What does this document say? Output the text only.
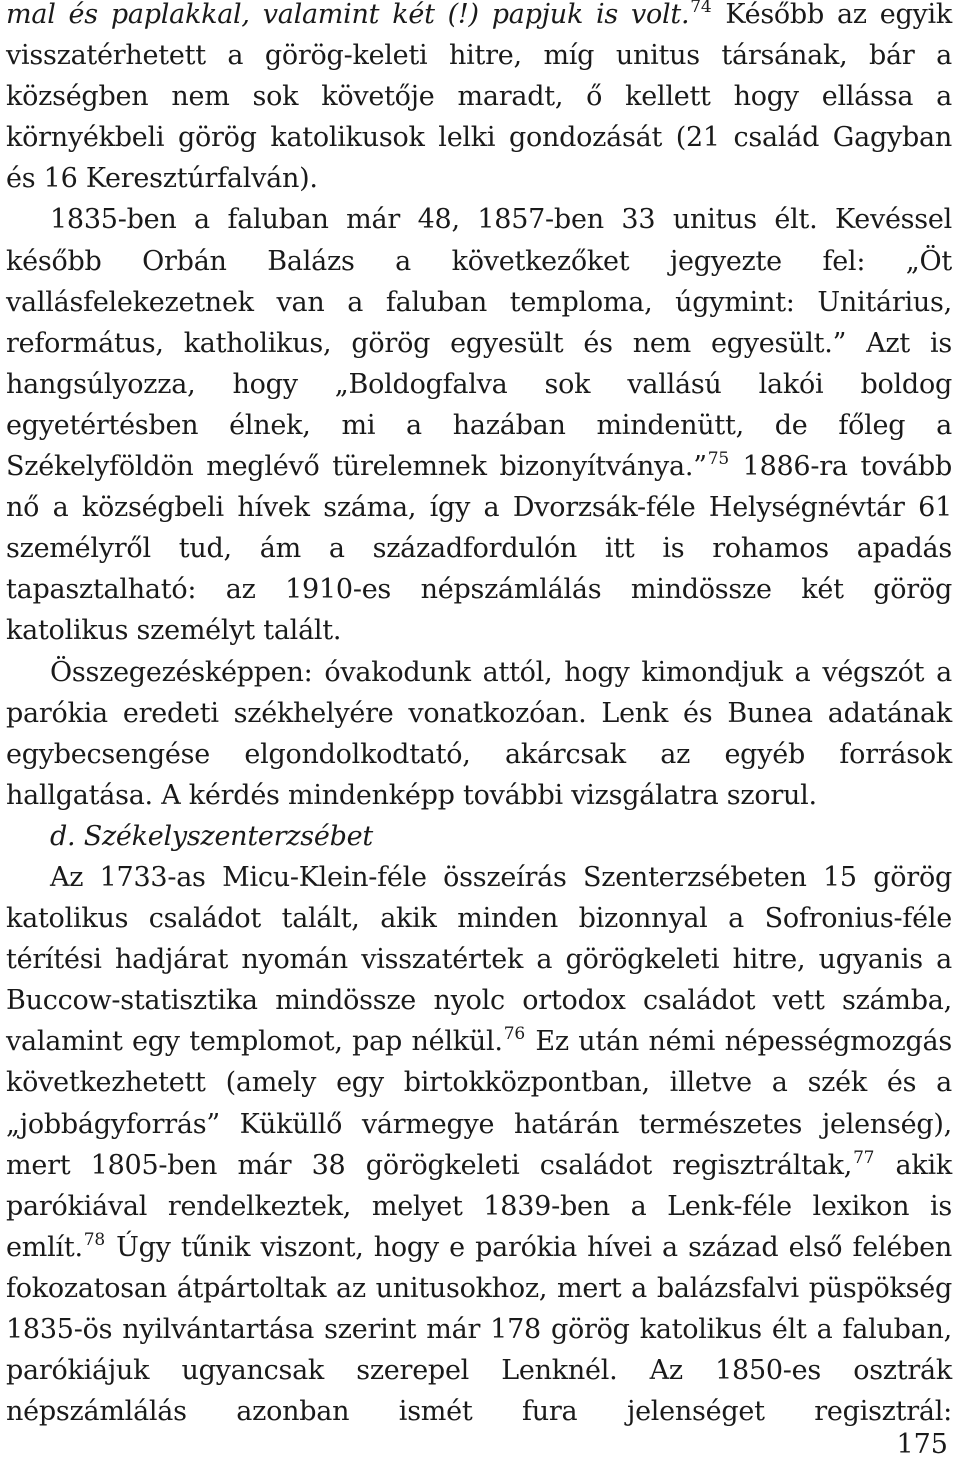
mal és paplakkal, valamint két (!) papjuk is volt.$^{74}$ Később az egyik visszatérhetett a görög-keleti hitre, míg unitus társának, bár a községben nem sok követője maradt, ő kellett hogy ellássa a környékbeli görög katolikusok lelki gondozását (21 család Gagyban és 16 Keresztúrfalván).

1835-ben a faluban már 48, 1857-ben 33 unitus élt. Kevéssel később Orbán Balázs a következőket jegyezte fel: „Öt vallásfelekezetnek van a faluban temploma, úgymint: Unitárius, református, katholikus, görög egyesült és nem egyesült.” Azt is hangsúlyozza, hogy „Boldogfalva sok vallású lakói boldog egyetértésben élnek, mi a hazában mindenütt, de főleg a Székelyföldön meglévő türelemnek bizonyítványa.”$^{75}$ 1886-ra tovább nő a községbeli hívek száma, így a Dvorzsák-féle Helységnévtár 61 személyről tud, ám a századfordulón itt is rohamos apadás tapasztalható: az 1910-es népszámlálás mindössze két görög katolikus személyt talált.

Összegezésképpen: óvakodunk attól, hogy kimondjuk a végszót a parókia eredeti székhelyére vonatkozóan. Lenk és Bunea adatának egybecsengése elgondolkodtató, akárcsak az egyéb források hallgatása. A kérdés mindenképp további vizsgálatra szorul.

d. Székelyszenterzsébet

Az 1733-as Micu-Klein-féle összeírás Szenterzsébeten 15 görög katolikus családot talált, akik minden bizonnyal a Sofronius-féle térítési hadjárat nyomán visszatértek a görögkeleti hitre, ugyanis a Buccow-statisztika mindössze nyolc ortodox családot vett számba, valamint egy templomot, pap nélkül.$^{76}$ Ez után némi népességmozgás következhetett (amely egy birtokközpontban, illetve a szék és a „jobbágyforrás” Küküllő vármegye határán természetes jelenség), mert 1805-ben már 38 görögkeleti családot regisztráltak,$^{77}$ akik parókiával rendelkeztek, melyet 1839-ben a Lenk-féle lexikon is említ.$^{78}$ Úgy tűnik viszont, hogy e parókia hívei a század első felében fokozatosan átpártoltak az unitusokhoz, mert a balázsfalvi püspökség 1835-ös nyilvántartása szerint már 178 görög katolikus élt a faluban, parókiájuk ugyancsak szerepel Lenknél. Az 1850-es osztrák népszámlálás azonban ismét fura jelenséget regisztrál:

175
